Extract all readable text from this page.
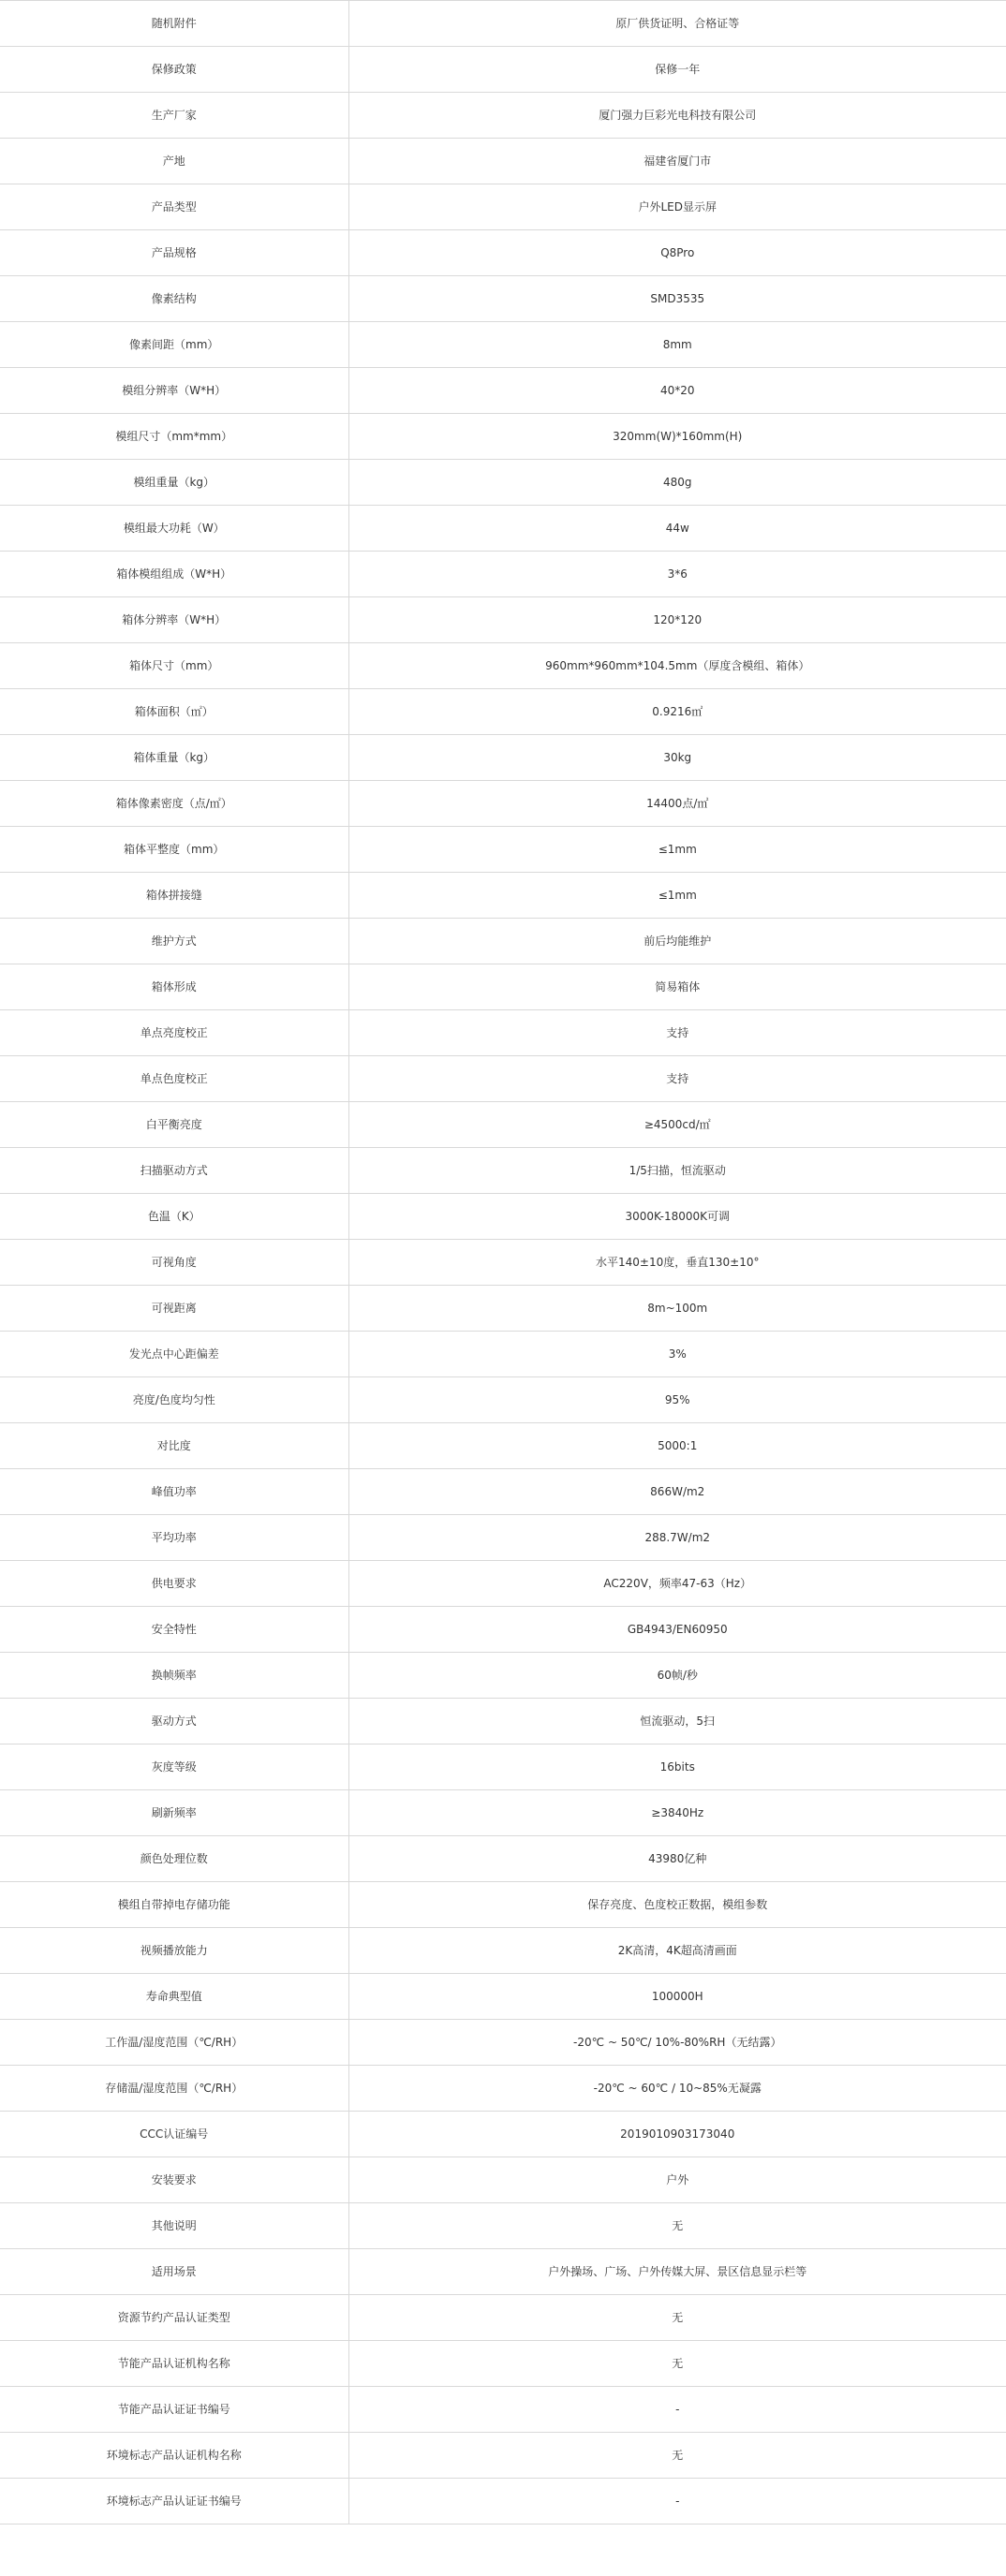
随机附件	原厂供货证明、合格证等
保修政策	保修一年
生产厂家	厦门强力巨彩光电科技有限公司
产地	福建省厦门市
产品类型	户外LED显示屏
产品规格	Q8Pro
像素结构	SMD3535
像素间距（mm）	8mm
模组分辨率（W*H）	40*20
模组尺寸（mm*mm）	320mm(W)*160mm(H)
模组重量（kg）	480g
模组最大功耗（W）	44w
箱体模组组成（W*H）	3*6
箱体分辨率（W*H）	120*120
箱体尺寸（mm）	960mm*960mm*104.5mm（厚度含模组、箱体）
箱体面积（㎡）	0.9216㎡
箱体重量（kg）	30kg
箱体像素密度（点/㎡）	14400点/㎡
箱体平整度（mm）	≤1mm
箱体拼接缝	≤1mm
维护方式	前后均能维护
箱体形成	简易箱体
单点亮度校正	支持
单点色度校正	支持
白平衡亮度	≥4500cd/㎡
扫描驱动方式	1/5扫描，恒流驱动
色温（K）	3000K-18000K可调
可视角度	水平140±10度，垂直130±10°
可视距离	8m~100m
发光点中心距偏差	3%
亮度/色度均匀性	95%
对比度	5000:1
峰值功率	866W/m2
平均功率	288.7W/m2
供电要求	AC220V，频率47-63（Hz）
安全特性	GB4943/EN60950
换帧频率	60帧/秒
驱动方式	恒流驱动，5扫
灰度等级	16bits
刷新频率	≥3840Hz
颜色处理位数	43980亿种
模组自带掉电存储功能	保存亮度、色度校正数据，模组参数
视频播放能力	2K高清，4K超高清画面
寿命典型值	100000H
工作温/湿度范围（℃/RH）	-20℃ ~ 50℃/ 10%-80%RH（无结露）
存储温/湿度范围（℃/RH）	-20℃ ~ 60℃ / 10~85%无凝露
CCC认证编号	2019010903173040
安装要求	户外
其他说明	无
适用场景	户外操场、广场、户外传媒大屏、景区信息显示栏等
资源节约产品认证类型	无
节能产品认证机构名称	无
节能产品认证证书编号	-
环境标志产品认证机构名称	无
环境标志产品认证证书编号	-
